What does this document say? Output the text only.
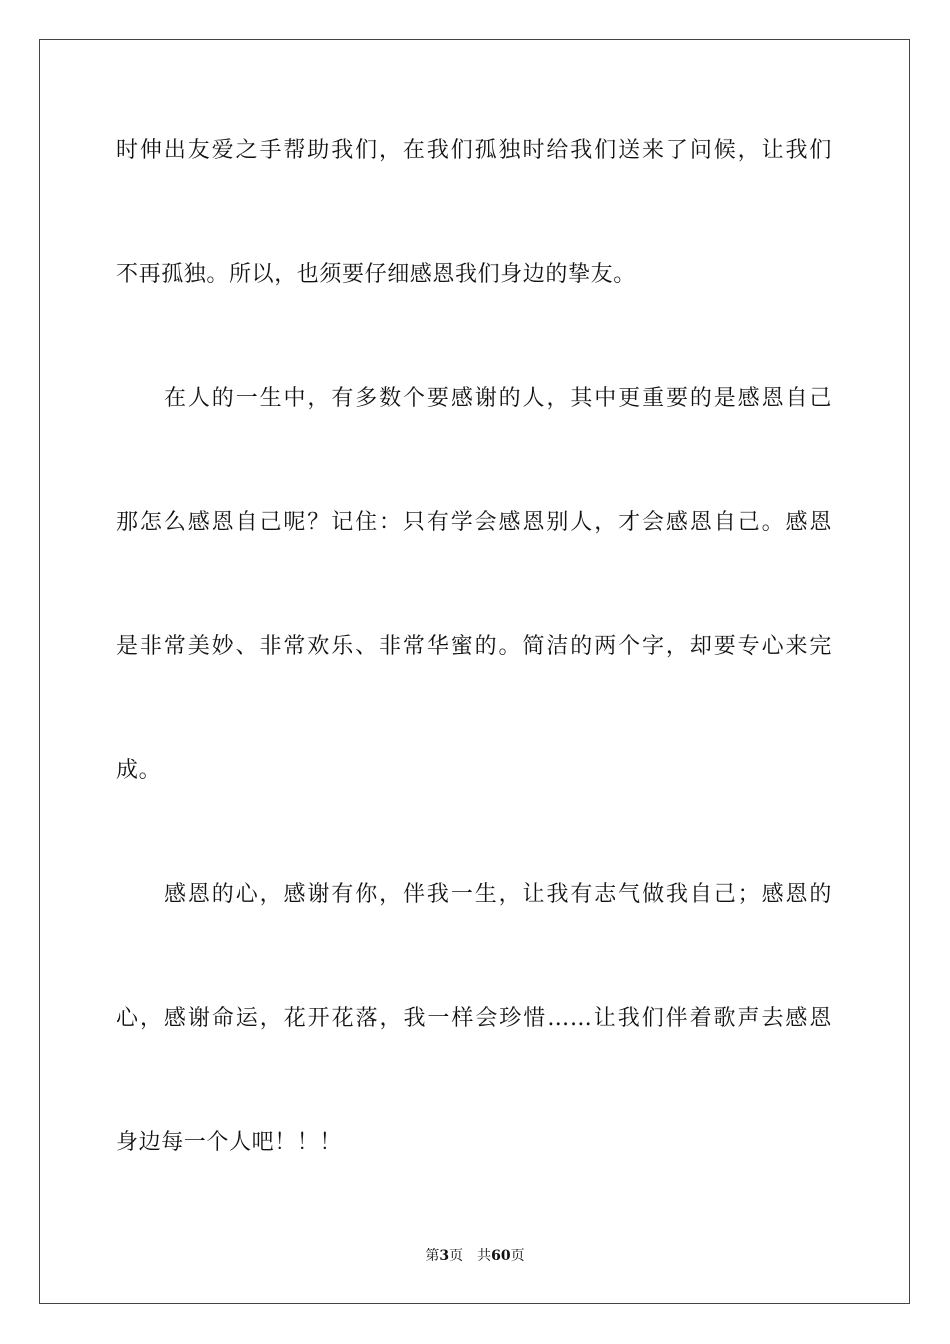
时伸出友爱之手帮助我们，在我们孤独时给我们送来了问候，让我们
不再孤独。所以，也须要仔细感恩我们身边的挚友。
在人的一生中，有多数个要感谢的人，其中更重要的是感恩自己
那怎么感恩自己呢？记住：只有学会感恩别人，才会感恩自己。感恩
是非常美妙、非常欢乐、非常华蜜的。简洁的两个字，却要专心来完
成。
感恩的心，感谢有你，伴我一生，让我有志气做我自己；感恩的
心，感谢命运，花开花落，我一样会珍惜……让我们伴着歌声去感恩
身边每一个人吧！！！
第3页　共60页
